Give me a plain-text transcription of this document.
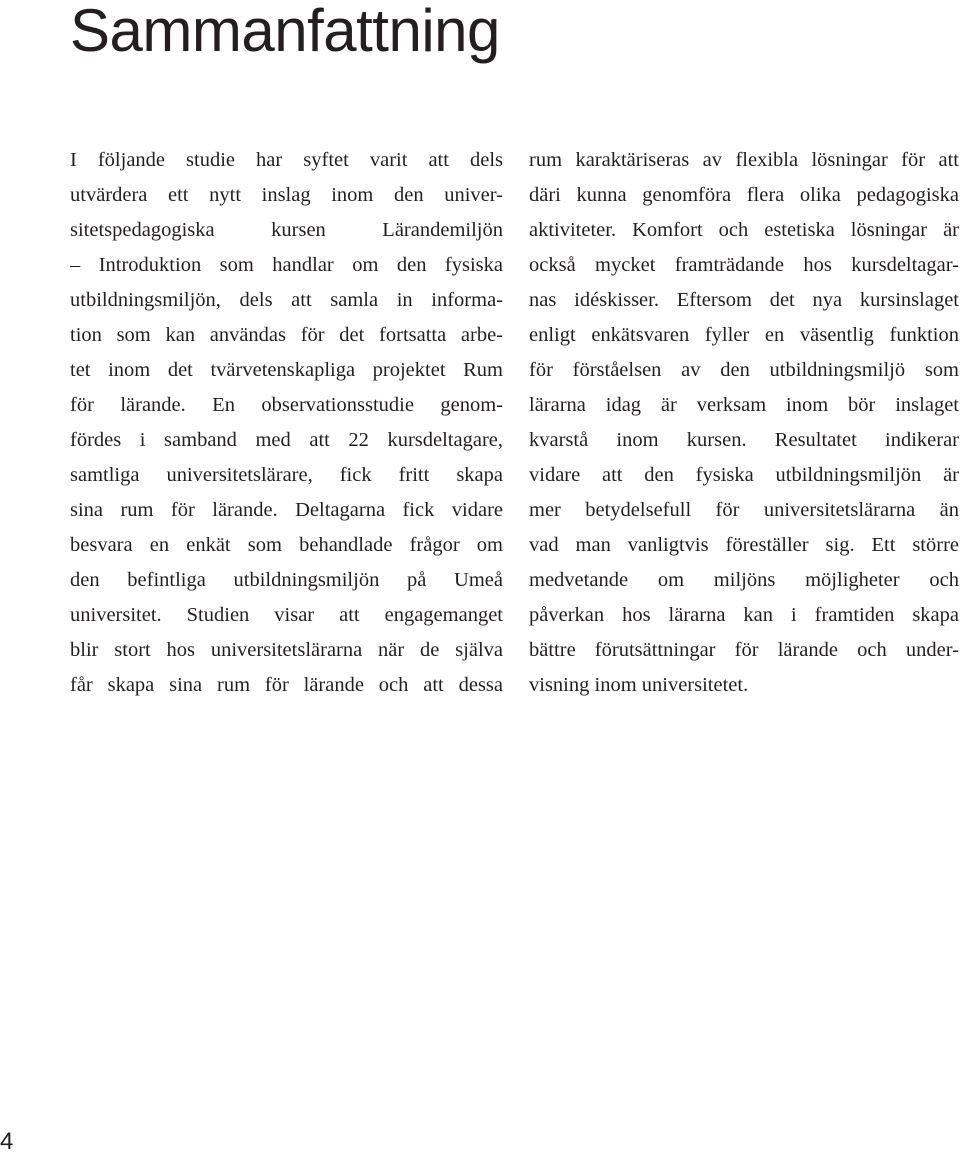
Sammanfattning
I följande studie har syftet varit att dels
utvärdera ett nytt inslag inom den univer-
sitetspedagogiska kursen Lärandemiljön
– Introduktion som handlar om den fysiska
utbildningsmiljön, dels att samla in informa-
tion som kan användas för det fortsatta arbe-
tet inom det tvärvetenskapliga projektet Rum
för lärande. En observationsstudie genom-
fördes i samband med att 22 kursdeltagare,
samtliga universitetslärare, fick fritt skapa
sina rum för lärande. Deltagarna fick vidare
besvara en enkät som behandlade frågor om
den befintliga utbildningsmiljön på Umeå
universitet. Studien visar att engagemanget
blir stort hos universitetslärarna när de själva
får skapa sina rum för lärande och att dessa
rum karaktäriseras av flexibla lösningar för att
däri kunna genomföra flera olika pedagogiska
aktiviteter. Komfort och estetiska lösningar är
också mycket framträdande hos kursdeltagar-
nas idéskisser. Eftersom det nya kursinslaget
enligt enkätsvaren fyller en väsentlig funktion
för förståelsen av den utbildningsmiljö som
lärarna idag är verksam inom bör inslaget
kvarstå inom kursen. Resultatet indikerar
vidare att den fysiska utbildningsmiljön är
mer betydelsefull för universitetslärarna än
vad man vanligtvis föreställer sig. Ett större
medvetande om miljöns möjligheter och
påverkan hos lärarna kan i framtiden skapa
bättre förutsättningar för lärande och under-
visning inom universitetet.
4
